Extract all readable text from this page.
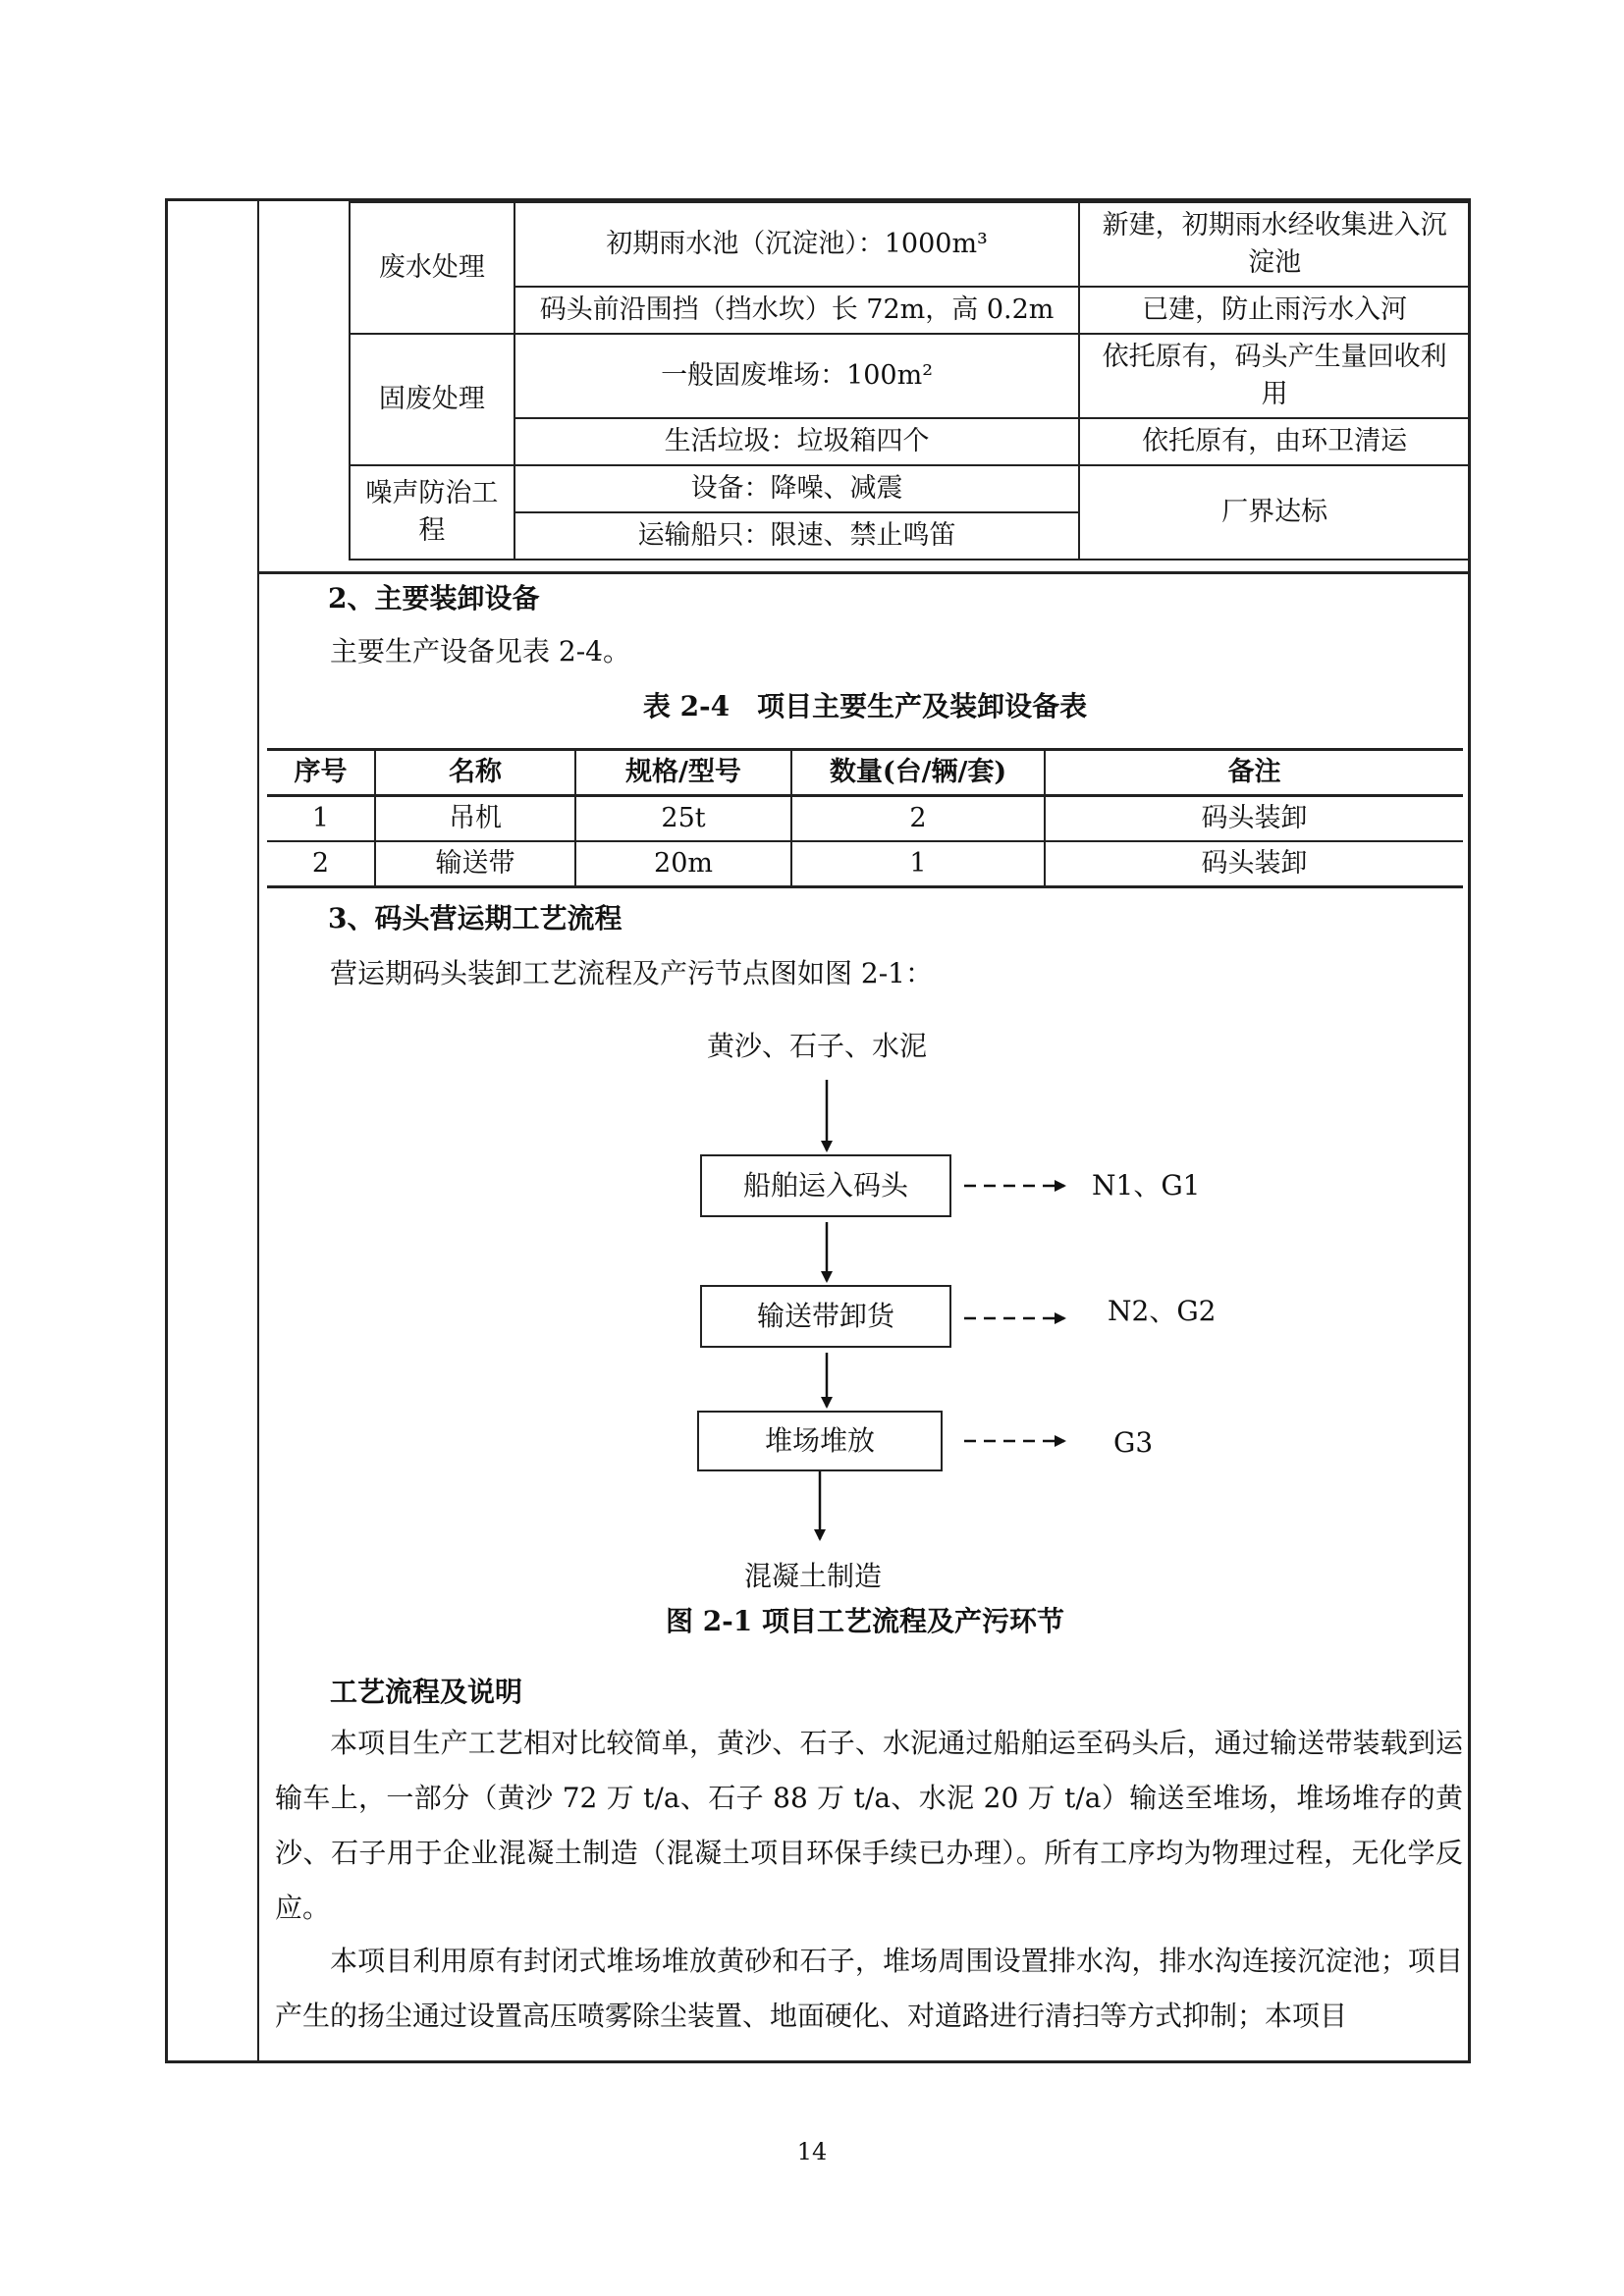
	废水处理	初期雨水池（沉淀池）：1000m³	新建，初期雨水经收集进入沉淀池
		码头前沿围挡（挡水坎）长 72m，高 0.2m	已建，防止雨污水入河
	固废处理	一般固废堆场：100m²	依托原有，码头产生量回收利用
		生活垃圾：垃圾箱四个	依托原有，由环卫清运
	噪声防治工程	设备：降噪、减震	厂界达标
		运输船只：限速、禁止鸣笛	
2、主要装卸设备
主要生产设备见表 2-4。
表 2-4　项目主要生产及装卸设备表
序号	名称	规格/型号	数量(台/辆/套)	备注
1	吊机	25t	2	码头装卸
2	输送带	20m	1	码头装卸
3、码头营运期工艺流程
营运期码头装卸工艺流程及产污节点图如图 2-1：
黄沙、石子、水泥
船舶运入码头
输送带卸货
堆场堆放
N1、G1
N2、G2
G3
混凝土制造
图 2-1 项目工艺流程及产污环节
工艺流程及说明
本项目生产工艺相对比较简单，黄沙、石子、水泥通过船舶运至码头后，通过输送带装载到运输车上，一部分（黄沙 72 万 t/a、石子 88 万 t/a、水泥 20 万 t/a）输送至堆场，堆场堆存的黄沙、石子用于企业混凝土制造（混凝土项目环保手续已办理）。所有工序均为物理过程，无化学反应。
本项目利用原有封闭式堆场堆放黄砂和石子，堆场周围设置排水沟，排水沟连接沉淀池；项目产生的扬尘通过设置高压喷雾除尘装置、地面硬化、对道路进行清扫等方式抑制；本项目
14
